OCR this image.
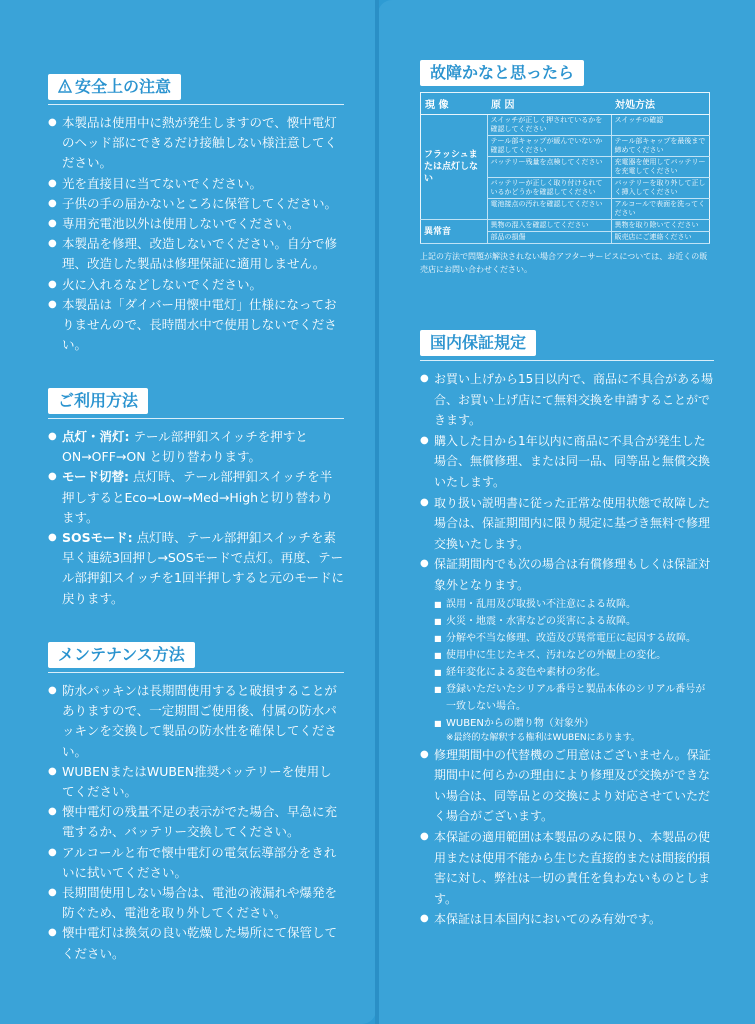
安全上の注意
● 本製品は使用中に熱が発生しますので、懐中電灯のヘッド部にできるだけ接触しない様注意してください。
● 光を直接目に当てないでください。
● 子供の手の届かないところに保管してください。
● 専用充電池以外は使用しないでください。
● 本製品を修理、改造しないでください。自分で修理、改造した製品は修理保証に適用しません。
● 火に入れるなどしないでください。
● 本製品は「ダイバー用懐中電灯」仕様になっておりませんので、長時間水中で使用しないでください。
ご利用方法
● 点灯・消灯: テール部押釦スイッチを押すとON→OFF→ON と切り替わります。
● モード切替: 点灯時、テール部押釦スイッチを半押しするとEco→Low→Med→Highと切り替わります。
● SOSモード: 点灯時、テール部押釦スイッチを素早く連続3回押し→SOSモードで点灯。再度、テール部押釦スイッチを1回半押しすると元のモードに戻ります。
メンテナンス方法
● 防水パッキンは長期間使用すると破損することがありますので、一定期間ご使用後、付属の防水パッキンを交換して製品の防水性を確保してください。
● WUBENまたはWUBEN推奨バッテリーを使用してください。
● 懐中電灯の残量不足の表示がでた場合、早急に充電するか、バッテリー交換してください。
● アルコールと布で懐中電灯の電気伝導部分をきれいに拭いてください。
● 長期間使用しない場合は、電池の液漏れや爆発を防ぐため、電池を取り外してください。
● 懐中電灯は換気の良い乾燥した場所にて保管してください。
故障かなと思ったら
現 像	原 因	対処方法
フラッシュまたは点灯しない	スイッチが正しく押されているかを確認してください	スイッチの確認
	テール部キャップが緩んでいないか確認してください	テール部キャップを最後まで締めてください
	バッテリー残量を点検してください	充電器を使用してバッテリーを充電してください
	バッテリーが正しく取り付けられているかどうかを確認してください	バッテリーを取り外して正しく挿入してください
	電池接点の汚れを確認してください	アルコールで表面を洗ってください
異常音	異物の混入を確認してください	異物を取り除いてください
	部品の損傷	販売店にご連絡ください
上記の方法で問題が解決されない場合アフターサービスについては、お近くの販売店にお問い合わせください。
国内保証規定
● お買い上げから15日以内で、商品に不具合がある場合、お買い上げ店にて無料交換を申請することができます。
● 購入した日から1年以内に商品に不具合が発生した場合、無償修理、または同一品、同等品と無償交換いたします。
● 取り扱い説明書に従った正常な使用状態で故障した場合は、保証期間内に限り規定に基づき無料で修理交換いたします。
● 保証期間内でも次の場合は有償修理もしくは保証対象外となります。
■ 誤用・乱用及び取扱い不注意による故障。
■ 火災・地震・水害などの災害による故障。
■ 分解や不当な修理、改造及び異常電圧に起因する故障。
■ 使用中に生じたキズ、汚れなどの外観上の変化。
■ 経年変化による変色や素材の劣化。
■ 登録いただいたシリアル番号と製品本体のシリアル番号が一致しない場合。
■ WUBENからの贈り物（対象外）
※最終的な解釈する権利はWUBENにあります。
● 修理期間中の代替機のご用意はございません。保証期間中に何らかの理由により修理及び交換ができない場合は、同等品との交換により対応させていただく場合がございます。
● 本保証の適用範囲は本製品のみに限り、本製品の使用または使用不能から生じた直接的または間接的損害に対し、弊社は一切の責任を負わないものとします。
● 本保証は日本国内においてのみ有効です。
